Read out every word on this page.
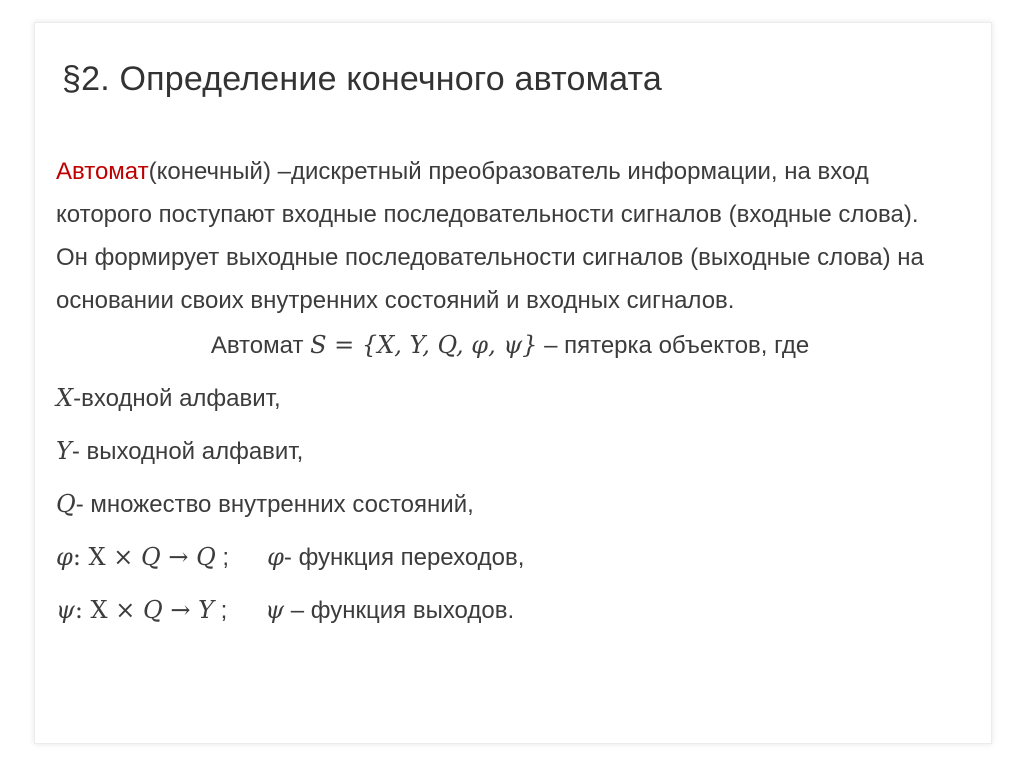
§2. Определение конечного автомата

Автомат(конечный) –дискретный преобразователь информации, на вход которого поступают входные последовательности сигналов (входные слова). Он формирует выходные последовательности сигналов (выходные слова) на основании своих внутренних состояний и входных сигналов.

Автомат S = {X, Y, Q, φ, ψ} – пятерка объектов, где
X-входной алфавит,
Y- выходной алфавит,
Q- множество внутренних состояний,
φ: X × Q → Q ; φ- функция переходов,
ψ: X × Q → Y ; ψ – функция выходов.
